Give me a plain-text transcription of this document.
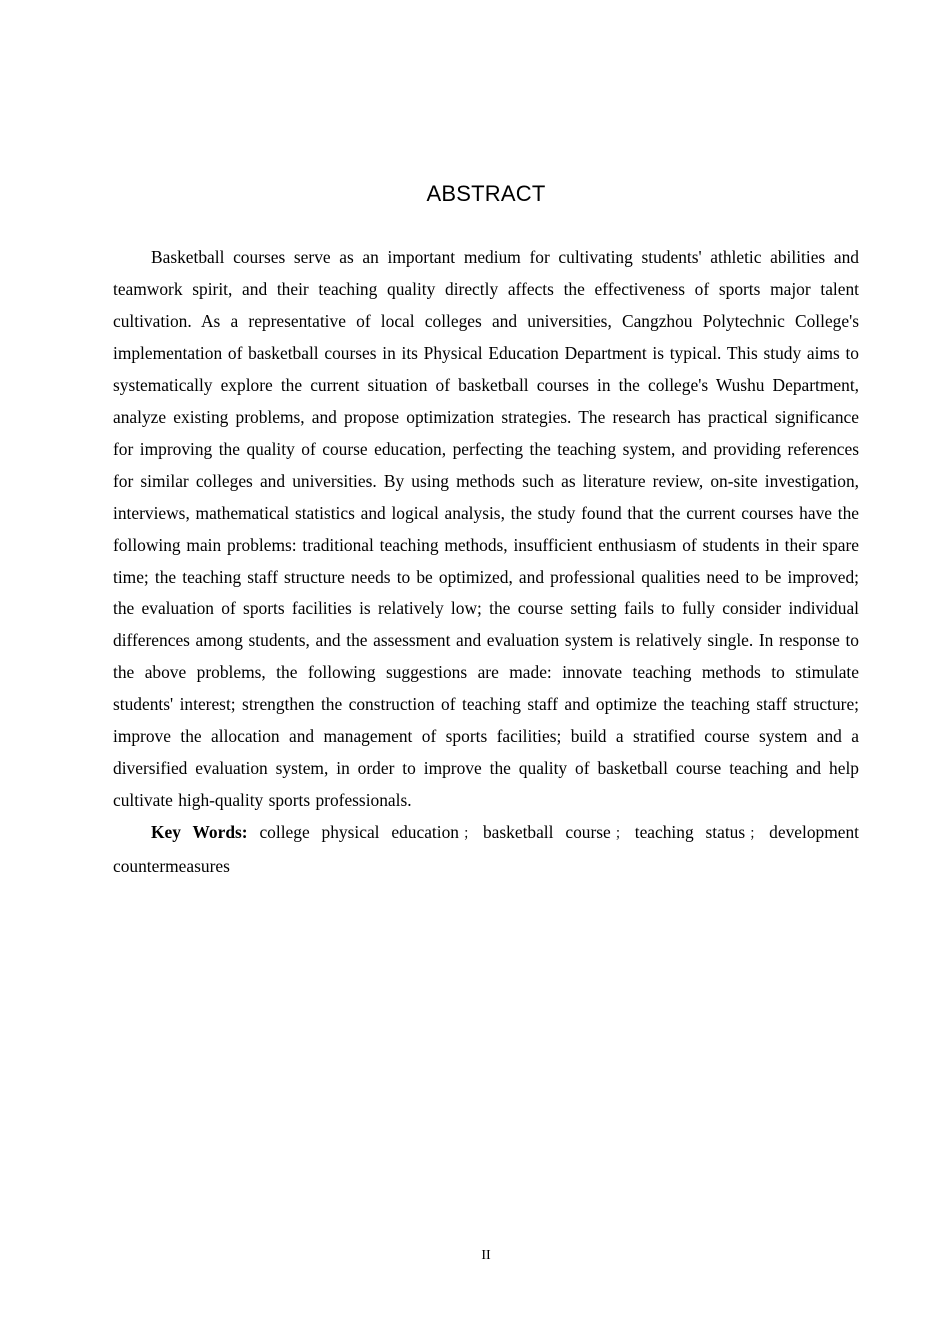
ABSTRACT

Basketball courses serve as an important medium for cultivating students' athletic abilities and teamwork spirit, and their teaching quality directly affects the effectiveness of sports major talent cultivation. As a representative of local colleges and universities, Cangzhou Polytechnic College's implementation of basketball courses in its Physical Education Department is typical. This study aims to systematically explore the current situation of basketball courses in the college's Wushu Department, analyze existing problems, and propose optimization strategies. The research has practical significance for improving the quality of course education, perfecting the teaching system, and providing references for similar colleges and universities. By using methods such as literature review, on-site investigation, interviews, mathematical statistics and logical analysis, the study found that the current courses have the following main problems: traditional teaching methods, insufficient enthusiasm of students in their spare time; the teaching staff structure needs to be optimized, and professional qualities need to be improved; the evaluation of sports facilities is relatively low; the course setting fails to fully consider individual differences among students, and the assessment and evaluation system is relatively single. In response to the above problems, the following suggestions are made: innovate teaching methods to stimulate students' interest; strengthen the construction of teaching staff and optimize the teaching staff structure; improve the allocation and management of sports facilities; build a stratified course system and a diversified evaluation system, in order to improve the quality of basketball course teaching and help cultivate high-quality sports professionals.

Key Words: college physical education ； basketball course ； teaching status ； development countermeasures

II
